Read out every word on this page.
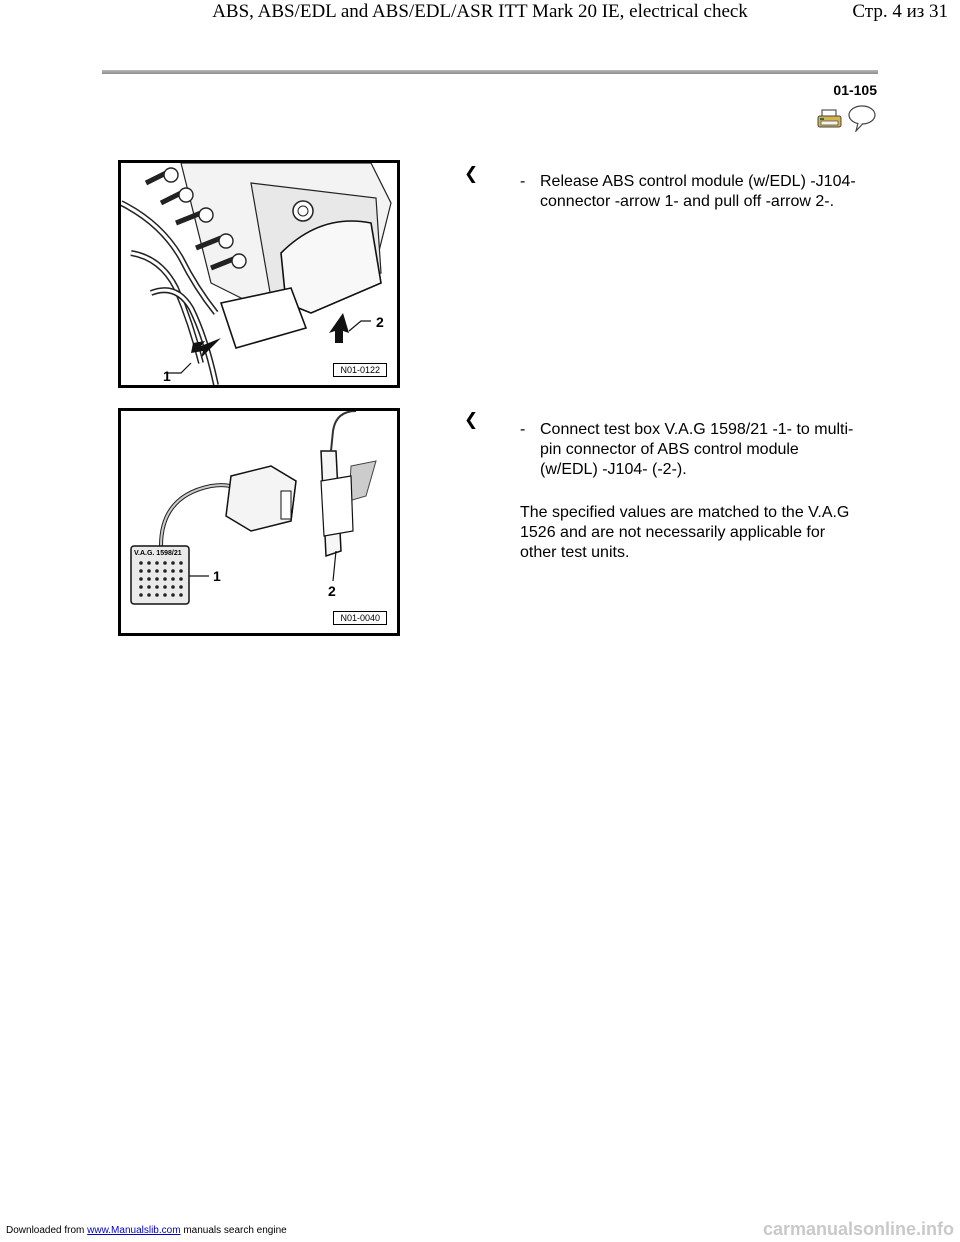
ABS, ABS/EDL and ABS/EDL/ASR ITT Mark 20 IE, electrical check	Стр. 4 из 31
01-105
1
2
N01-0122
❮	- Release ABS control module (w/EDL) -J104- connector -arrow 1- and pull off -arrow 2-.
V.A.G. 1598/21
1
2
N01-0040
❮
- Connect test box V.A.G 1598/21 -1- to multi-pin connector of ABS control module (w/EDL) -J104- (-2-).
The specified values are matched to the V.A.G 1526 and are not necessarily applicable for other test units.
Downloaded from www.Manualslib.com manuals search engine	carmanualsonline.info
